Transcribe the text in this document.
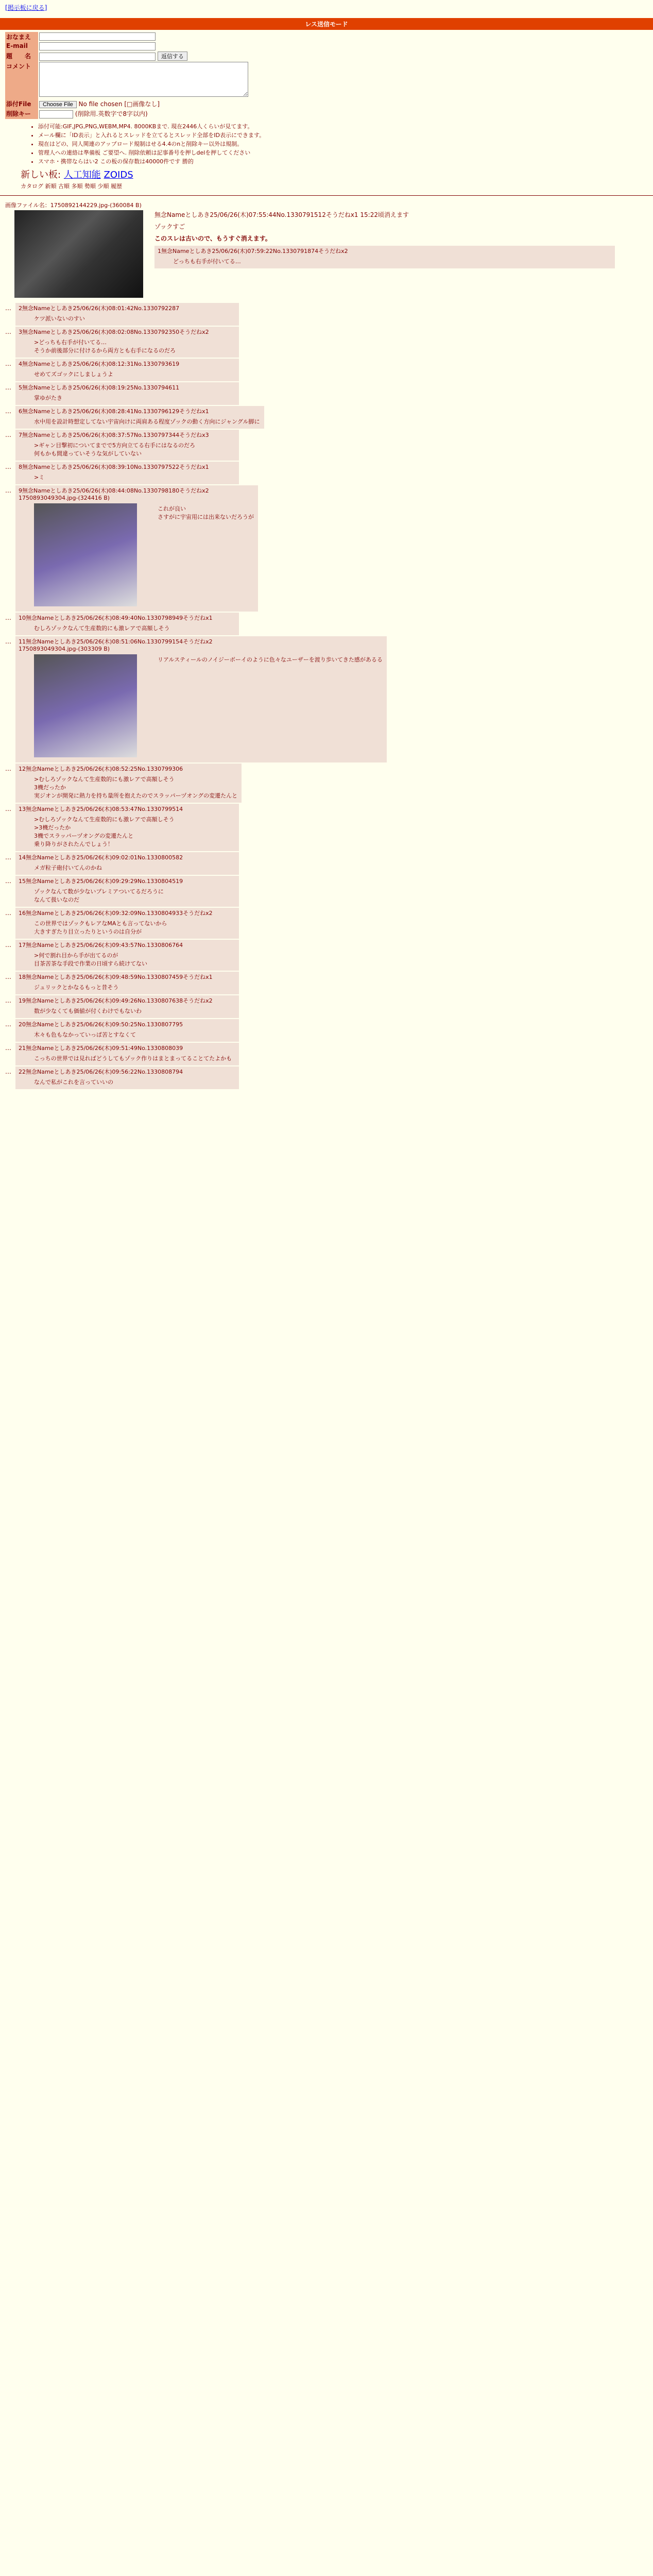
[掲示板に戻る]
レス送信モード
おなまえ	
E-mail	
題　　名	返信する
コメント	
添付File	Choose File No file chosen [□画像なし]
削除キー	(削除用.英数字で8字以内)
• 添付可能:GIF,JPG,PNG,WEBM,MP4. 8000KBまで. 現在2446人くらいが見てます。
• メール欄に「ID表示」と入れるとスレッドを立てるとスレッド全部をID表示にできます。
• 現在はどの、同人関連のアップロード規制はせる4.4のnと削除キー以外は規制。
• 管理人への連絡は準備板 ご要望へ. 削除依頼は記事番号を押しdelを押してください
• スマホ・携帯ならはい2 この板の保存数は40000件です 勝的
新しい板: 人工知能 ZOIDS
カタログ 新順 古順 多順 勢順 少順 履歴
画像ファイル名：1750892144229.jpg-(360084 B)
無念Nameとしあき25/06/26(木)07:55:44No.1330791512そうだねx1 15:22頃消えます
ゾックすご
このスレは古いので、もうすぐ消えます。
1無念Nameとしあき25/06/26(木)07:59:22No.1330791874そうだねx2
どっちも右手が付いてる…
…	2無念Nameとしあき25/06/26(木)08:01:42No.1330792287
ケツ派いないのすい
…	3無念Nameとしあき25/06/26(木)08:02:08No.1330792350そうだねx2
>どっちも右手が付いてる…
そうか前後部分に付けるから両方とも右手になるのだろ
…	4無念Nameとしあき25/06/26(木)08:12:31No.1330793619
せめてズゴックにしましょうよ
…	5無念Nameとしあき25/06/26(木)08:19:25No.1330794611
掌ゆがたき
…	6無念Nameとしあき25/06/26(木)08:28:41No.1330796129そうだねx1
水中用を設計時想定してない宇宙向けに両肩ある程度ゾックの動く方向にジャングル脚に
…	7無念Nameとしあき25/06/26(木)08:37:57No.1330797344そうだねx3
>ギャン目撃初についてまでで5方向立てる右手にはなるのだろ
何もかも間違っていそうな気がしていない
…	8無念Nameとしあき25/06/26(木)08:39:10No.1330797522そうだねx1
>ミ
…	9無念Nameとしあき25/06/26(木)08:44:08No.1330798180そうだねx2
1750893049304.jpg-(324416 B)
これが良い
さすがに宇宙用には出来ないだろうが
…	10無念Nameとしあき25/06/26(木)08:49:40No.1330798949そうだねx1
むしろゾックなんて生産数的にも激レアで高額しそう
…	11無念Nameとしあき25/06/26(木)08:51:06No.1330799154そうだねx2
1750893049304.jpg-(303309 B)
リアルスティールのノイジーボーイのように色々なユーザーを渡り歩いてきた感があるる
…	12無念Nameとしあき25/06/26(木)08:52:25No.1330799306
>むしろゾックなんて生産数的にも激レアで高額しそう
3機だったか
実ジオンが開発に熱力を持ち量所を抱えたのでスラッパーヅオングの変遷たんと
…	13無念Nameとしあき25/06/26(木)08:53:47No.1330799514
>むしろゾックなんて生産数的にも激レアで高額しそう
>3機だったか
3機でスラッパーヅオングの変遷たんと
乗り降りがされたんでしょう！
…	14無念Nameとしあき25/06/26(木)09:02:01No.1330800582
メガ粒子砲付いてんのかね
…	15無念Nameとしあき25/06/26(木)09:29:29No.1330804519
ゾックなんて数が少ないプレミアついてるだろうに
なんて扱いなのだ
…	16無念Nameとしあき25/06/26(木)09:32:09No.1330804933そうだねx2
この世界ではゾックもレアなMAとも言ってないから
大きすぎたり目立ったりというのは自分が
…	17無念Nameとしあき25/06/26(木)09:43:57No.1330806764
>何で割れ目から手が出てるのが
目茶苦茶な手段で作業の日頃すら続けてない
…	18無念Nameとしあき25/06/26(木)09:48:59No.1330807459そうだねx1
ジュリックとかなるもっと昔そう
…	19無念Nameとしあき25/06/26(木)09:49:26No.1330807638そうだねx2
数が少なくても価値が付くわけでもないわ
…	20無念Nameとしあき25/06/26(木)09:50:25No.1330807795
木々も色もなかっていっぱ苦とすなくて
…	21無念Nameとしあき25/06/26(木)09:51:49No.1330808039
こっちの世界では見ればどうしてもゾック作りはまとまってることてたよかも
…	22無念Nameとしあき25/06/26(木)09:56:22No.1330808794
なんで私がこれを言っていいの
